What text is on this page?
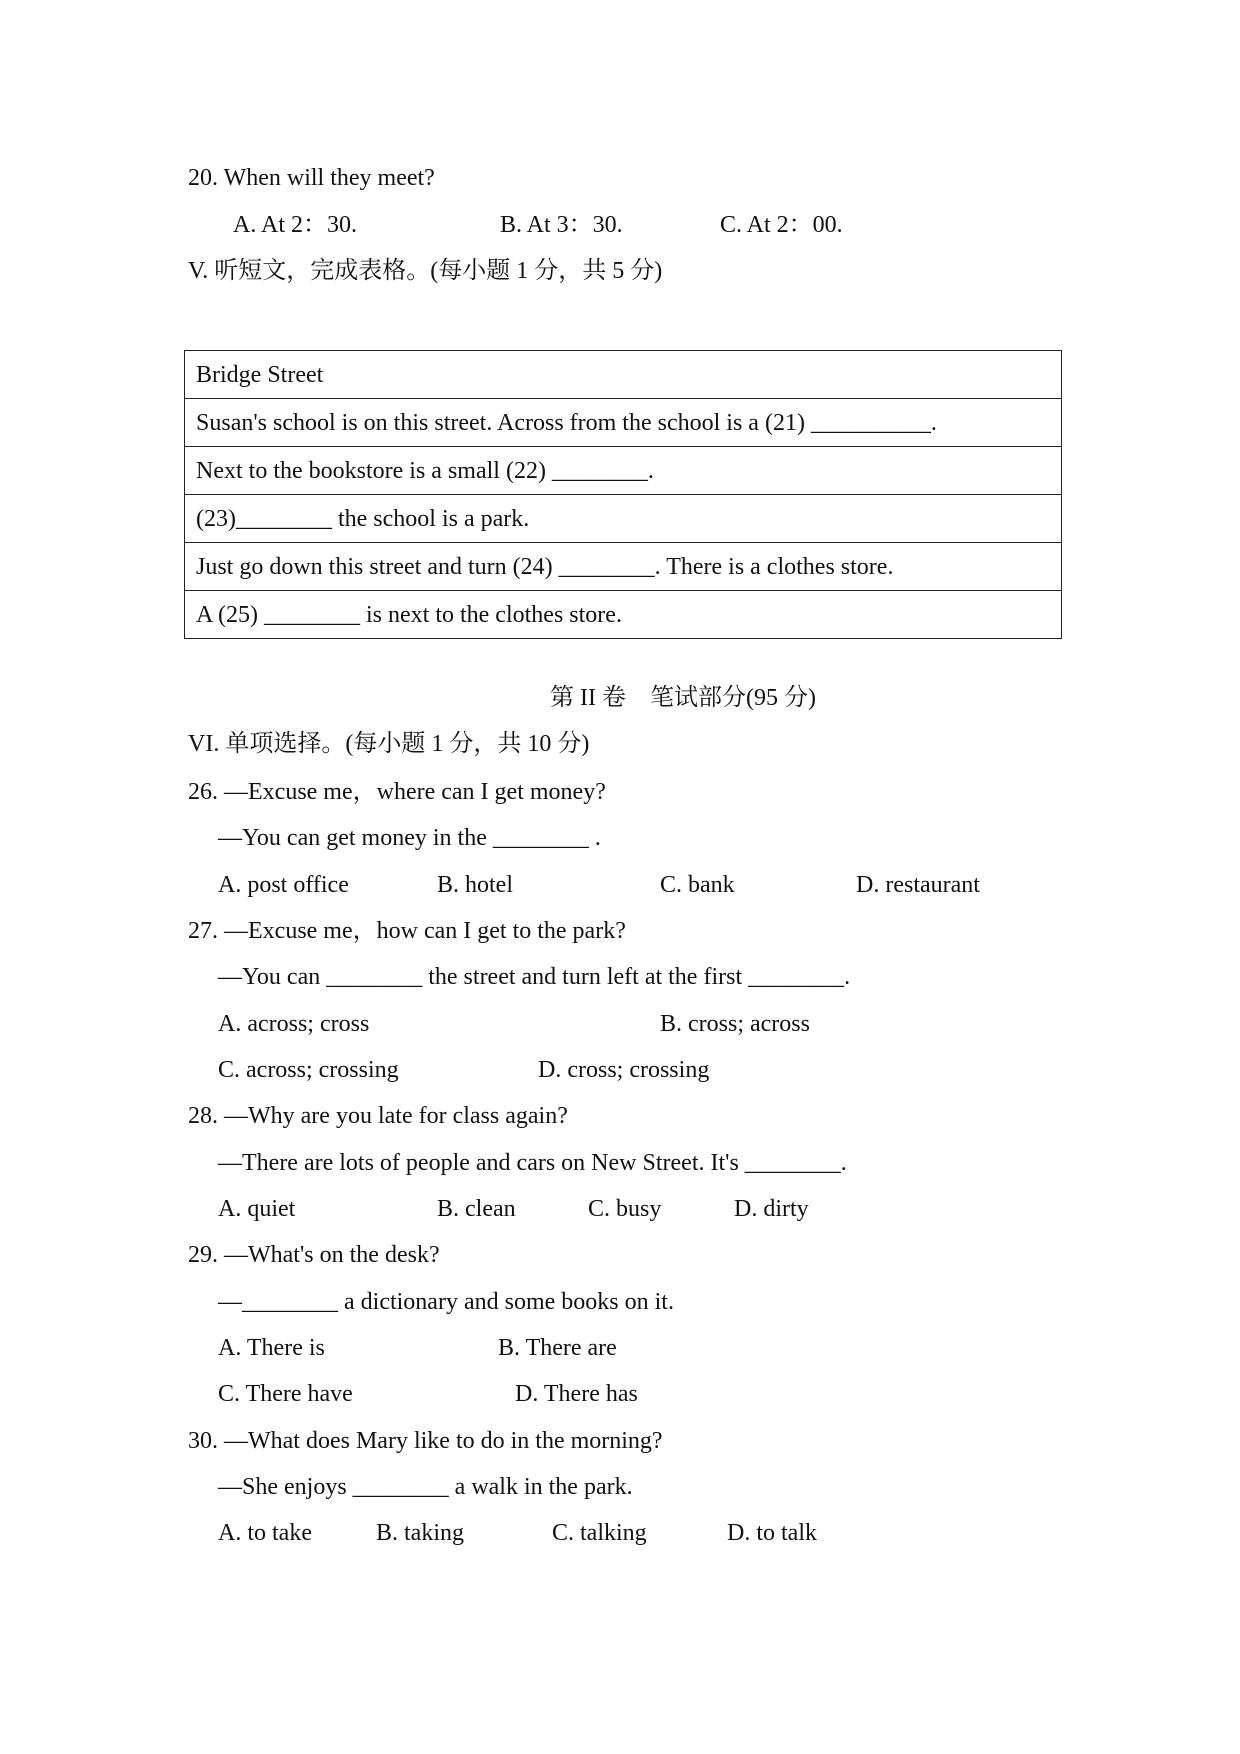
20. When will they meet?
A. At 2：30.	B. At 3：30.	C. At 2：00.
V. 听短文，完成表格。(每小题 1 分，共 5 分)
Bridge Street
Susan's school is on this street. Across from the school is a (21) __________.
Next to the bookstore is a small (22) ________.
(23)________ the school is a park.
Just go down this street and turn (24) ________. There is a clothes store.
A (25) ________ is next to the clothes store.
第 II 卷　笔试部分(95 分)
VI. 单项选择。(每小题 1 分，共 10 分)
26. —Excuse me，where can I get money?
—You can get money in the ________ .
A. post office	B. hotel	C. bank	D. restaurant
27. —Excuse me，how can I get to the park?
—You can ________ the street and turn left at the first ________.
A. across; cross	B. cross; across
C. across; crossing	D. cross; crossing
28. —Why are you late for class again?
—There are lots of people and cars on New Street. It's ________.
A. quiet	B. clean	C. busy	D. dirty
29. —What's on the desk?
—________ a dictionary and some books on it.
A. There is	B. There are
C. There have	D. There has
30. —What does Mary like to do in the morning?
—She enjoys ________ a walk in the park.
A. to take	B. taking	C. talking	D. to talk
